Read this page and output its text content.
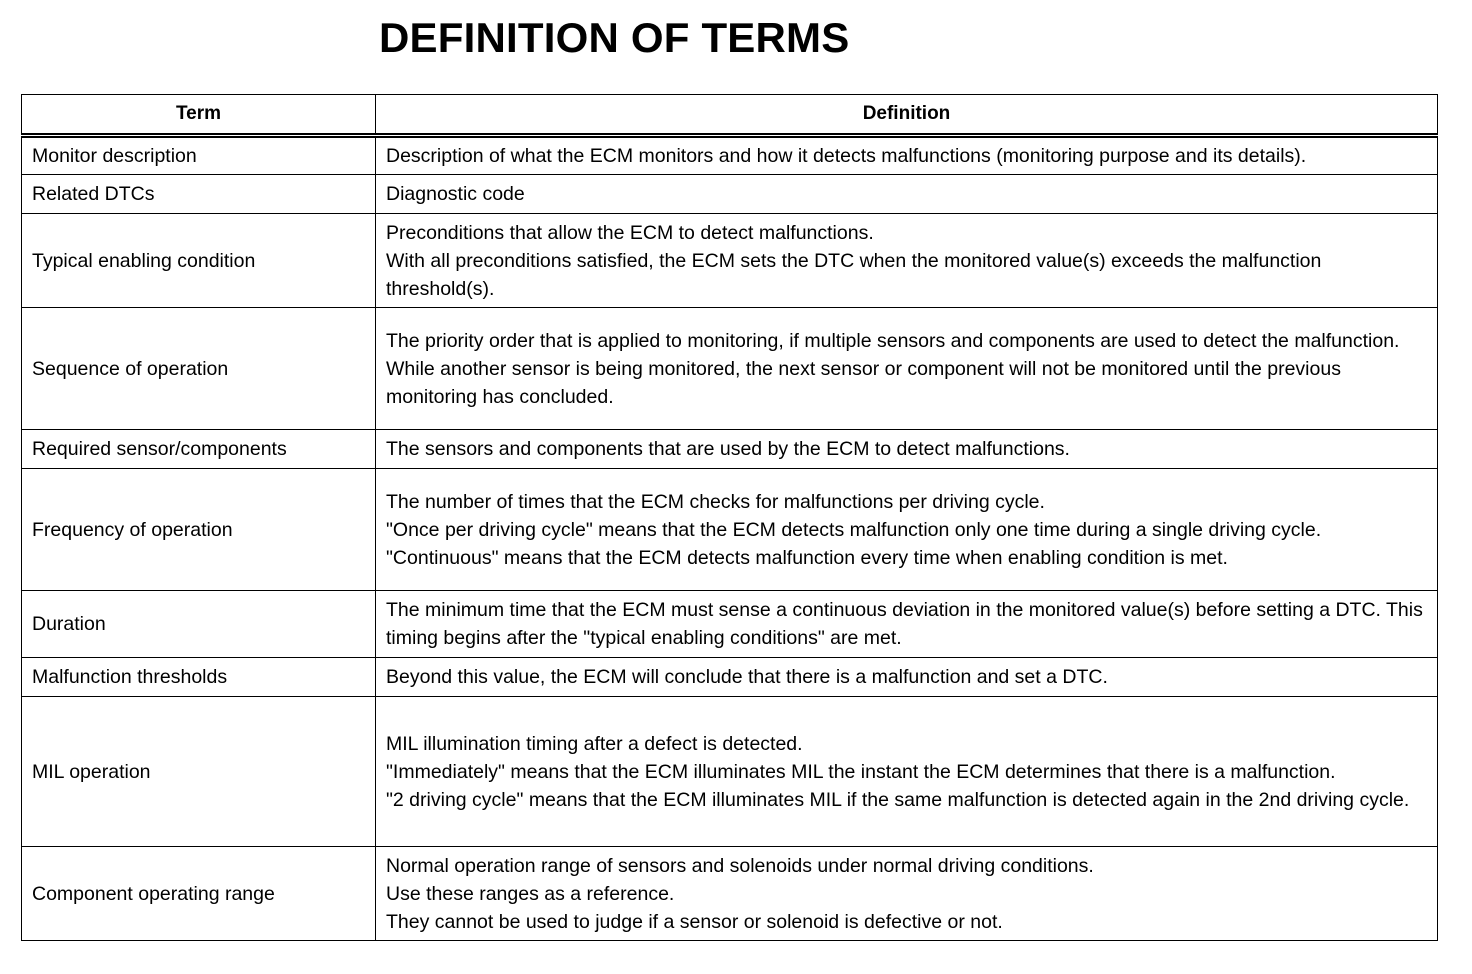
DEFINITION OF TERMS
Term	Definition
Monitor description	Description of what the ECM monitors and how it detects malfunctions (monitoring purpose and its details).

Related DTCs	Diagnostic code

Typical enabling condition	Preconditions that allow the ECM to detect malfunctions.
With all preconditions satisfied, the ECM sets the DTC when the monitored value(s) exceeds the malfunction threshold(s).

Sequence of operation	The priority order that is applied to monitoring, if multiple sensors and components are used to detect the malfunction.
While another sensor is being monitored, the next sensor or component will not be monitored until the previous monitoring has concluded.

Required sensor/components	The sensors and components that are used by the ECM to detect malfunctions.

Frequency of operation	The number of times that the ECM checks for malfunctions per driving cycle.
"Once per driving cycle" means that the ECM detects malfunction only one time during a single driving cycle.
"Continuous" means that the ECM detects malfunction every time when enabling condition is met.

Duration	The minimum time that the ECM must sense a continuous deviation in the monitored value(s) before setting a DTC. This timing begins after the "typical enabling conditions" are met.

Malfunction thresholds	Beyond this value, the ECM will conclude that there is a malfunction and set a DTC.

MIL operation	MIL illumination timing after a defect is detected.
"Immediately" means that the ECM illuminates MIL the instant the ECM determines that there is a malfunction.
"2 driving cycle" means that the ECM illuminates MIL if the same malfunction is detected again in the 2nd driving cycle.

Component operating range	Normal operation range of sensors and solenoids under normal driving conditions.
Use these ranges as a reference.
They cannot be used to judge if a sensor or solenoid is defective or not.
